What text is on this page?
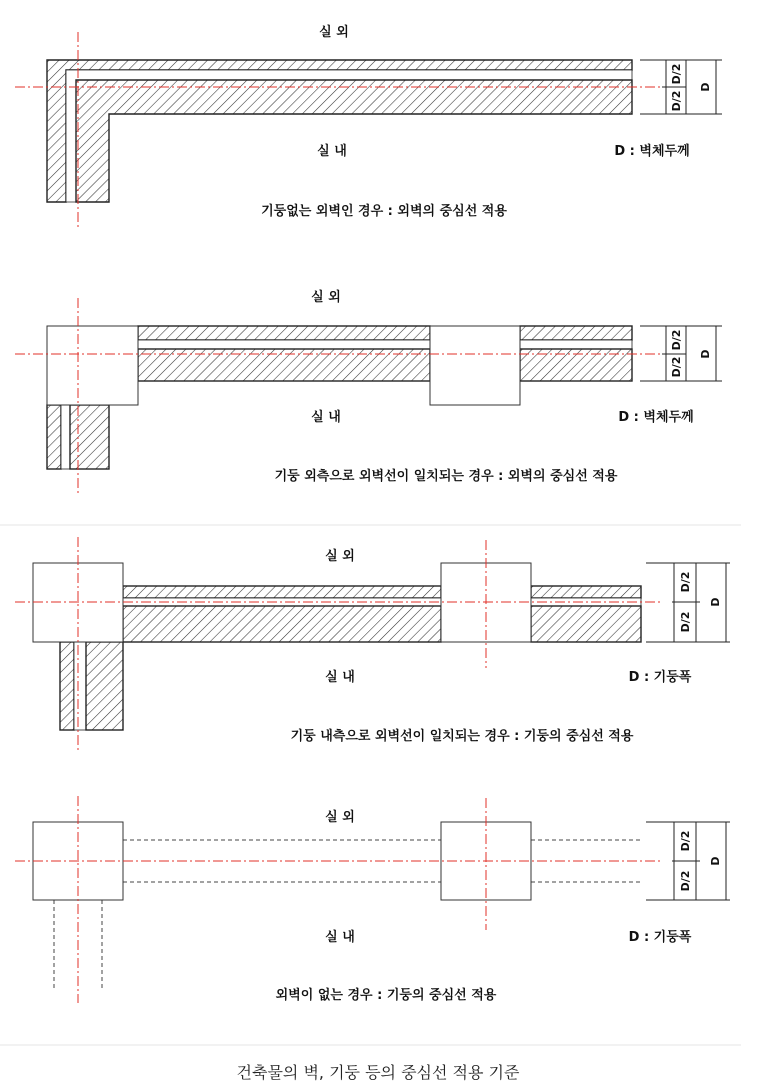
D/2
D/2
D
실 외
실 내	D : 벽체두께
기둥없는 외벽인 경우 : 외벽의 중심선 적용
D/2
D/2
D
실 외
실 내	D : 벽체두께
기둥 외측으로 외벽선이 일치되는 경우 : 외벽의 중심선 적용
D/2
D/2
D
실 외
실 내	D : 기둥폭
기둥 내측으로 외벽선이 일치되는 경우 : 기둥의 중심선 적용
D/2
D/2
D
실 외
실 내	D : 기둥폭
외벽이 없는 경우 : 기둥의 중심선 적용
건축물의 벽, 기둥 등의 중심선 적용 기준
